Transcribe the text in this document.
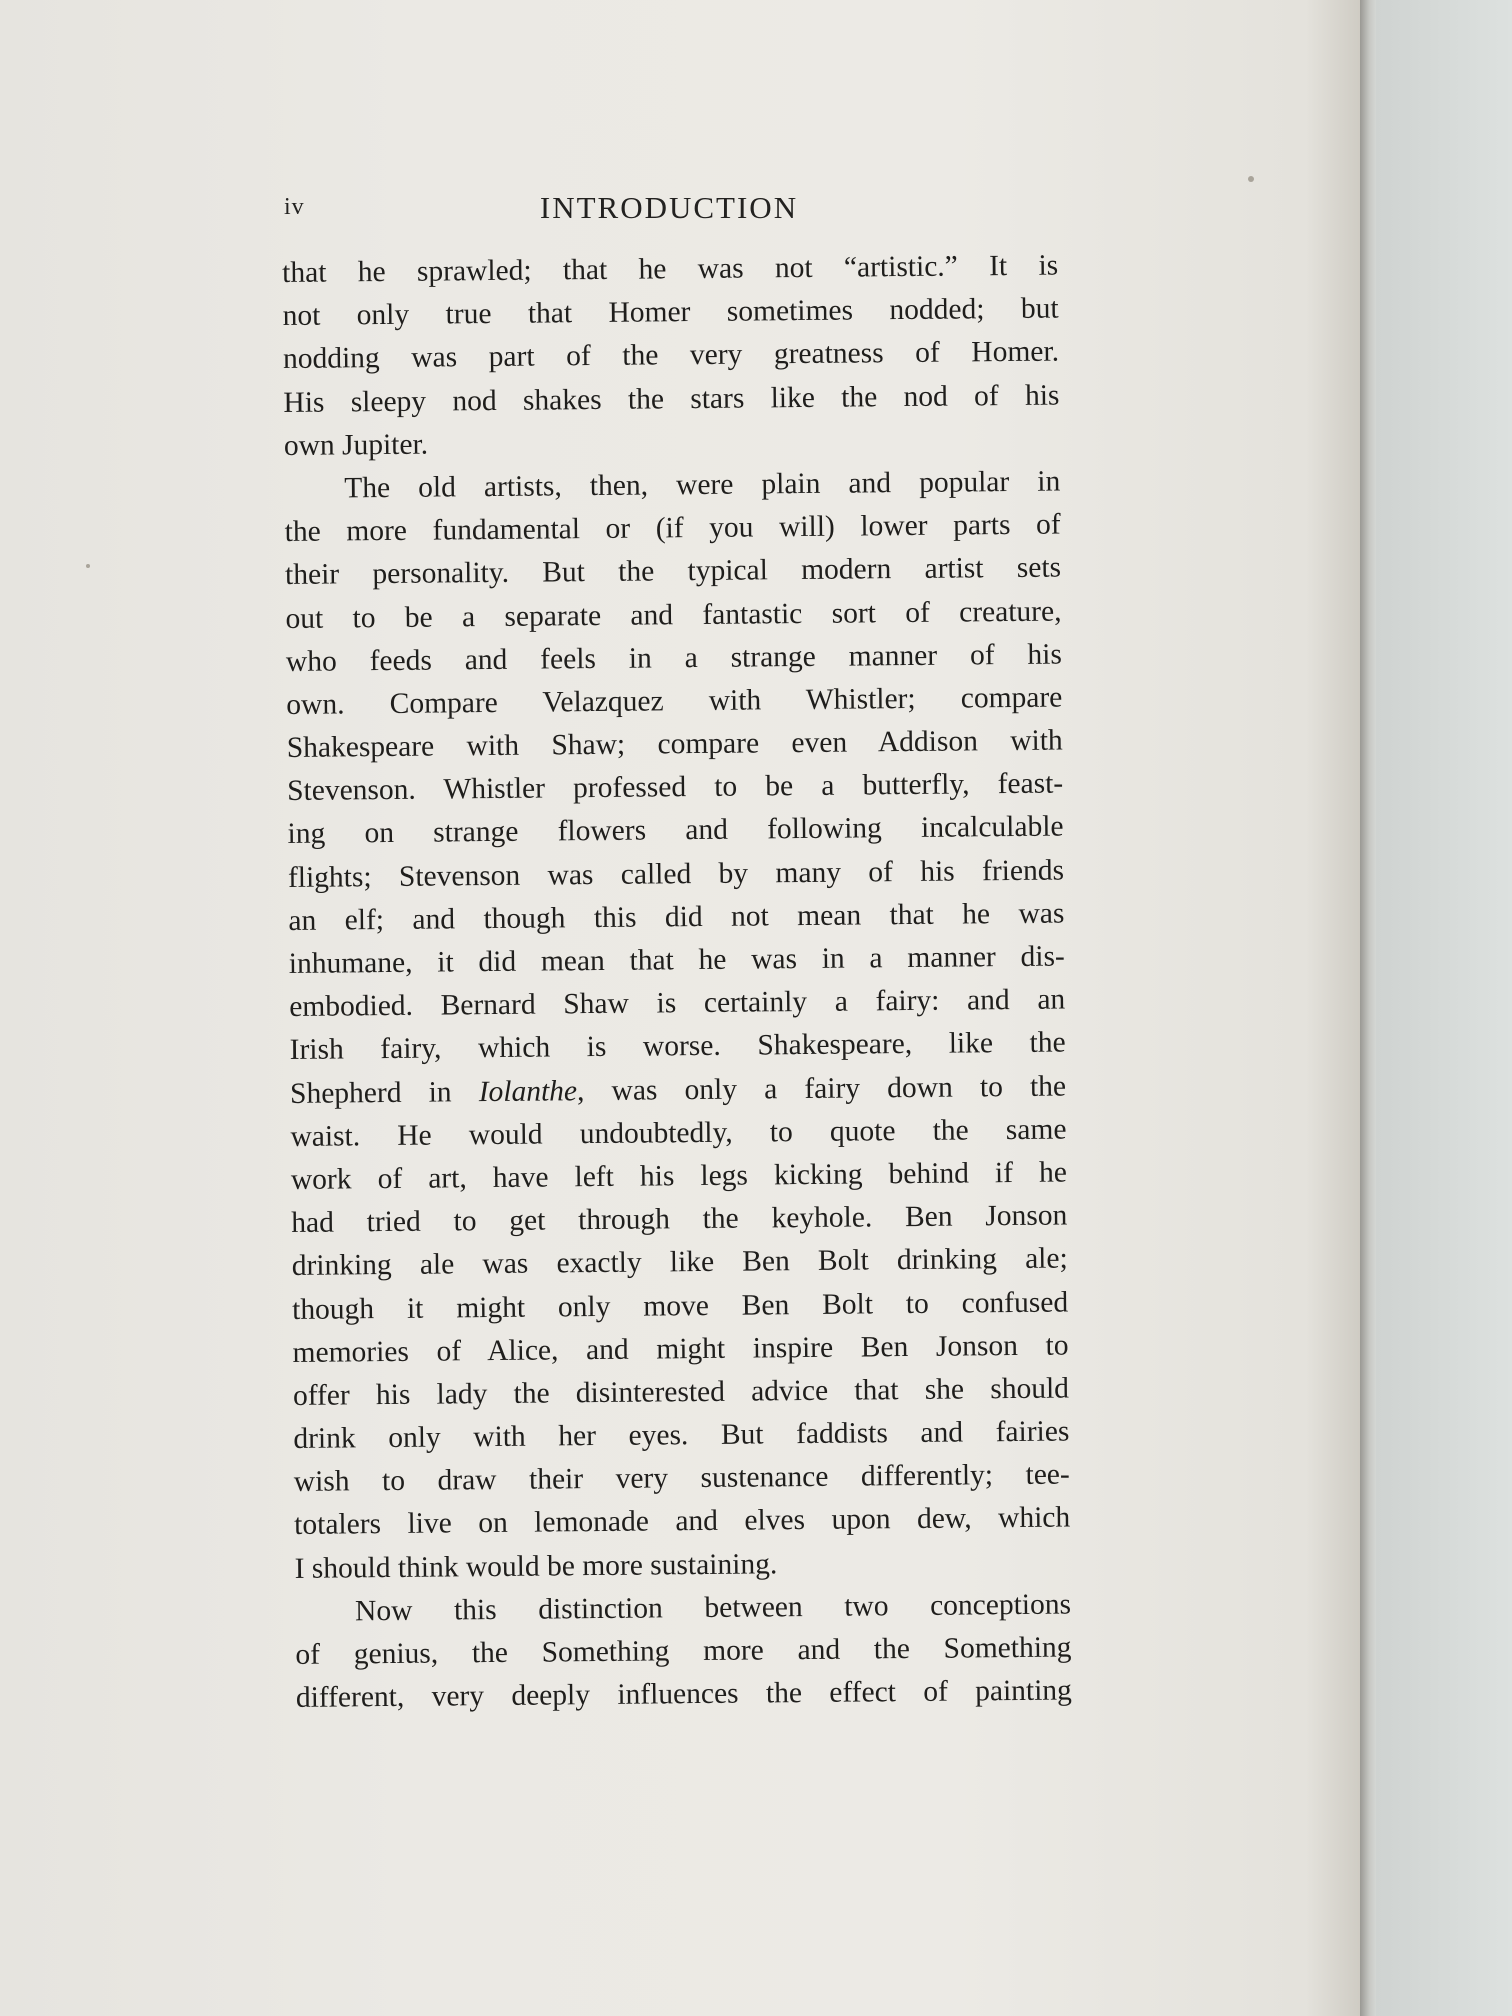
iv	INTRODUCTION
that he sprawled; that he was not “artistic.” It is
not only true that Homer sometimes nodded; but
nodding was part of the very greatness of Homer.
His sleepy nod shakes the stars like the nod of his
own Jupiter.
The old artists, then, were plain and popular in
the more fundamental or (if you will) lower parts of
their personality. But the typical modern artist sets
out to be a separate and fantastic sort of creature,
who feeds and feels in a strange manner of his
own. Compare Velazquez with Whistler; compare
Shakespeare with Shaw; compare even Addison with
Stevenson. Whistler professed to be a butterfly, feast-
ing on strange flowers and following incalculable
flights; Stevenson was called by many of his friends
an elf; and though this did not mean that he was
inhumane, it did mean that he was in a manner dis-
embodied. Bernard Shaw is certainly a fairy: and an
Irish fairy, which is worse. Shakespeare, like the
Shepherd in Iolanthe, was only a fairy down to the
waist. He would undoubtedly, to quote the same
work of art, have left his legs kicking behind if he
had tried to get through the keyhole. Ben Jonson
drinking ale was exactly like Ben Bolt drinking ale;
though it might only move Ben Bolt to confused
memories of Alice, and might inspire Ben Jonson to
offer his lady the disinterested advice that she should
drink only with her eyes. But faddists and fairies
wish to draw their very sustenance differently; tee-
totalers live on lemonade and elves upon dew, which
I should think would be more sustaining.
Now this distinction between two conceptions
of genius, the Something more and the Something
different, very deeply influences the effect of painting
